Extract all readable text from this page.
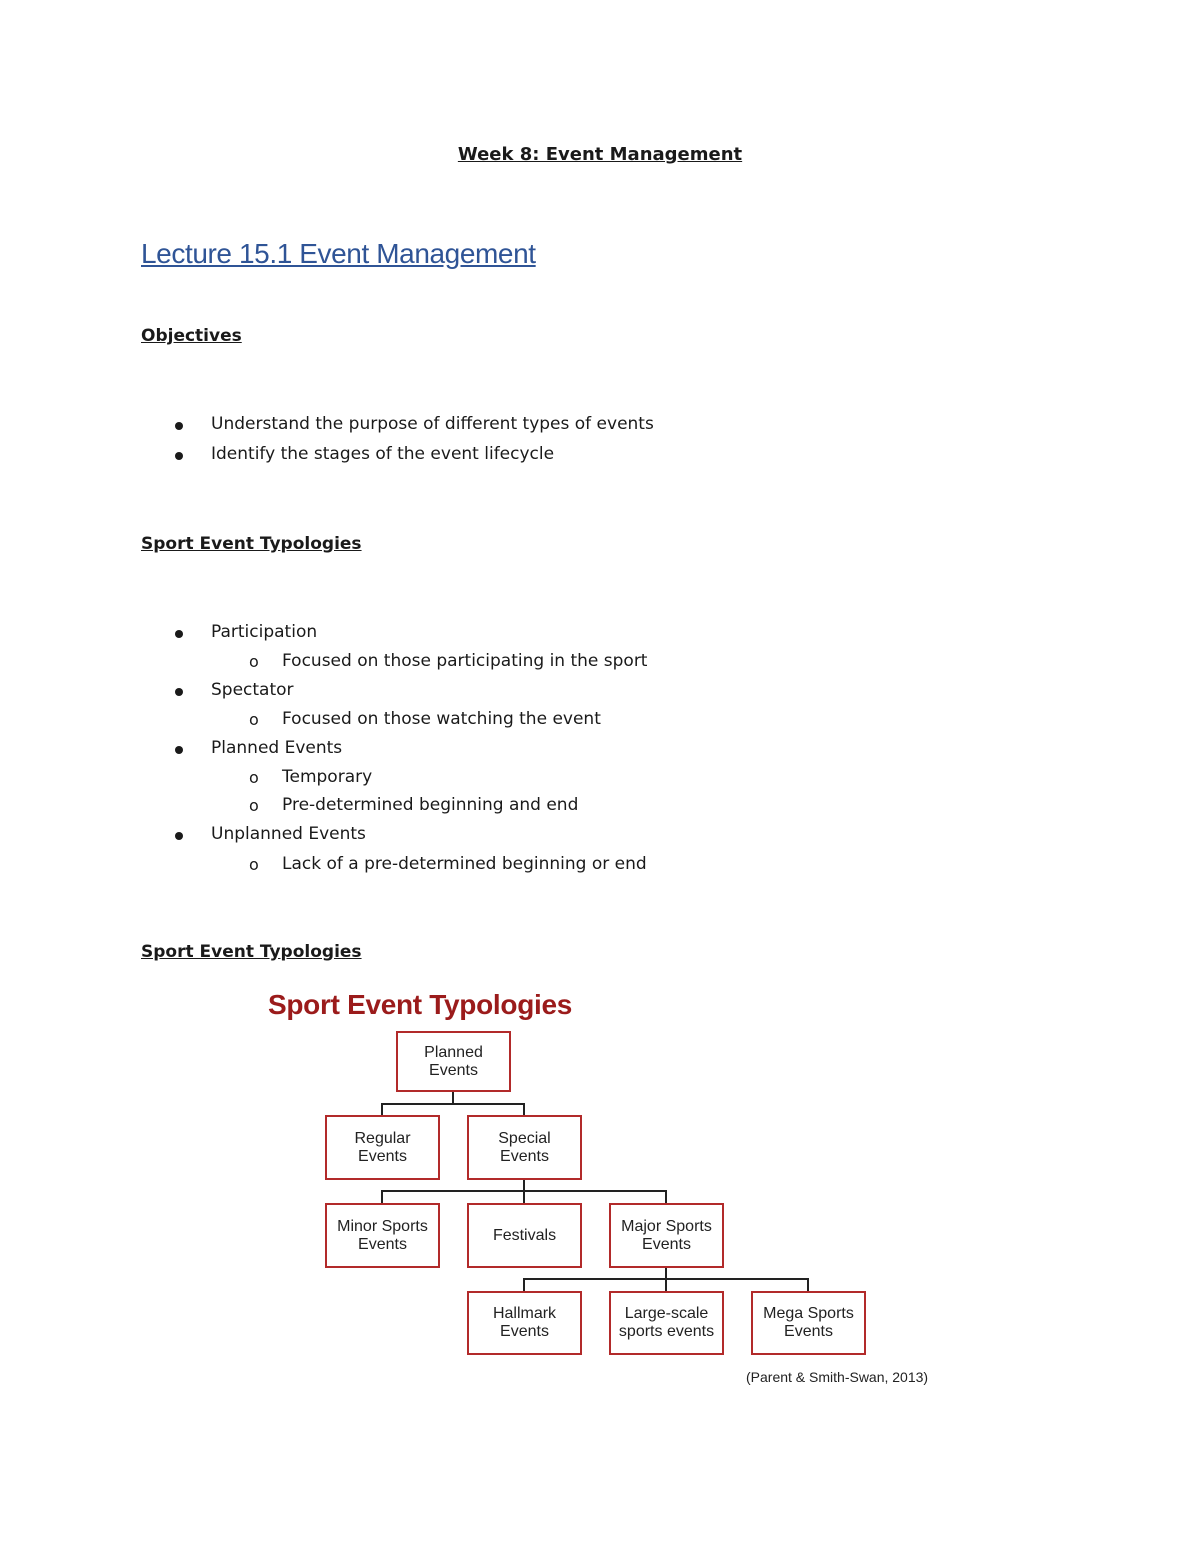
Week 8: Event Management
Lecture 15.1 Event Management
Objectives
Understand the purpose of different types of events
Identify the stages of the event lifecycle
Sport Event Typologies
Participation
o Focused on those participating in the sport
Spectator
o Focused on those watching the event
Planned Events
o Temporary
o Pre-determined beginning and end
Unplanned Events
o Lack of a pre-determined beginning or end
Sport Event Typologies
Sport Event Typologies
Planned
Events
Regular
Events
Special
Events
Minor Sports
Events
Festivals
Major Sports
Events
Hallmark
Events
Large-scale
sports events
Mega Sports
Events
(Parent & Smith-Swan, 2013)
